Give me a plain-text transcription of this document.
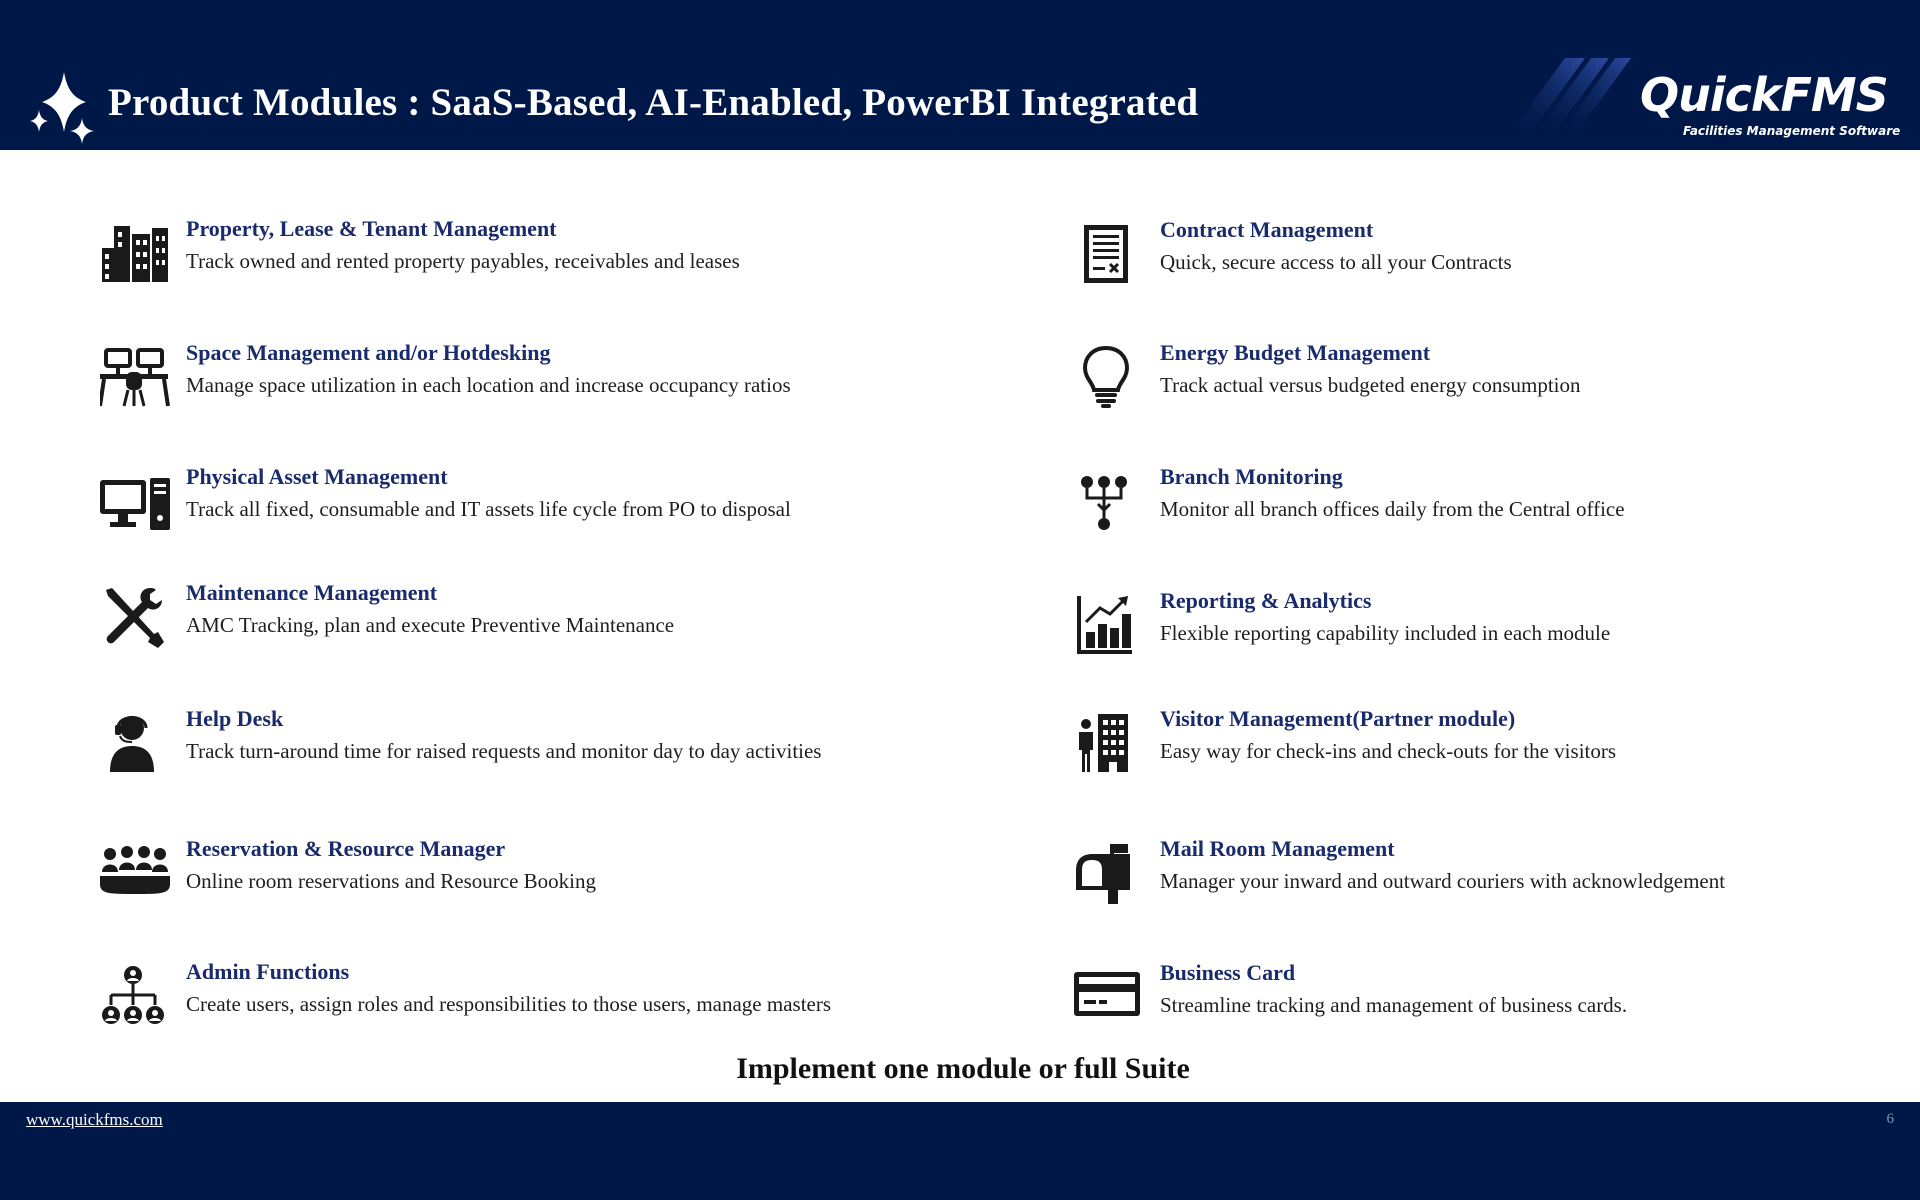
Product Modules : SaaS-Based, AI-Enabled, PowerBI Integrated	QuickFMS
Facilities Management Software
Property, Lease & Tenant Management
Track owned and rented property payables, receivables and leases
Space Management and/or Hotdesking
Manage space utilization in each location and increase occupancy ratios
Physical Asset Management
Track all fixed, consumable and IT assets life cycle from PO to disposal
Maintenance Management
AMC Tracking, plan and execute Preventive Maintenance
Help Desk
Track turn-around time for raised requests and monitor day to day activities
Reservation & Resource Manager
Online room reservations and Resource Booking
Admin Functions
Create users, assign roles and responsibilities to those users, manage masters
Contract Management
Quick, secure access to all your Contracts
Energy Budget Management
Track actual versus budgeted energy consumption
Branch Monitoring
Monitor all branch offices daily from the Central office
Reporting & Analytics
Flexible reporting capability included in each module
Visitor Management(Partner module)
Easy way for check-ins and check-outs for the visitors
Mail Room Management
Manager your inward and outward couriers with acknowledgement
Business Card
Streamline tracking and management of business cards.
Implement one module or full Suite
www.quickfms.com	6
